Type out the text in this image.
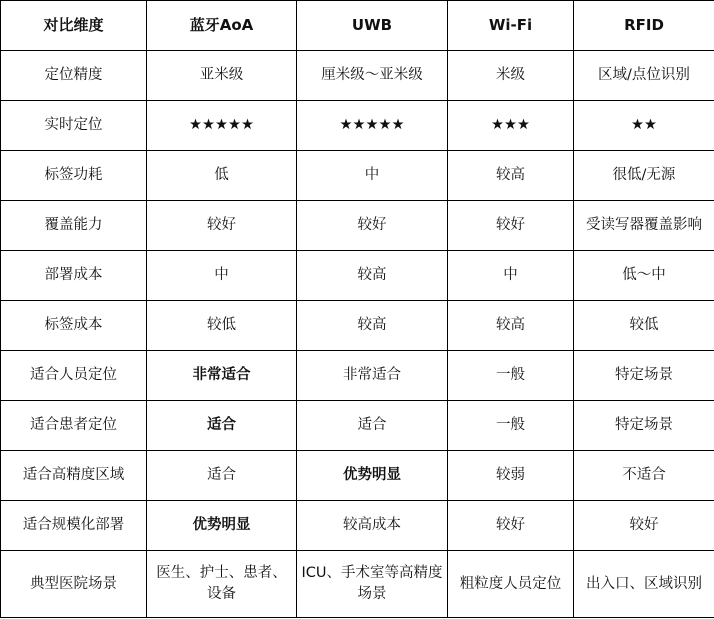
对比维度	蓝牙AoA	UWB	Wi-Fi	RFID
定位精度	亚米级	厘米级～亚米级	米级	区域/点位识别
实时定位	★★★★★	★★★★★	★★★	★★
标签功耗	低	中	较高	很低/无源
覆盖能力	较好	较好	较好	受读写器覆盖影响
部署成本	中	较高	中	低～中
标签成本	较低	较高	较高	较低
适合人员定位	非常适合	非常适合	一般	特定场景
适合患者定位	适合	适合	一般	特定场景
适合高精度区域	适合	优势明显	较弱	不适合
适合规模化部署	优势明显	较高成本	较好	较好
典型医院场景	医生、护士、患者、设备	ICU、手术室等高精度场景	粗粒度人员定位	出入口、区域识别
